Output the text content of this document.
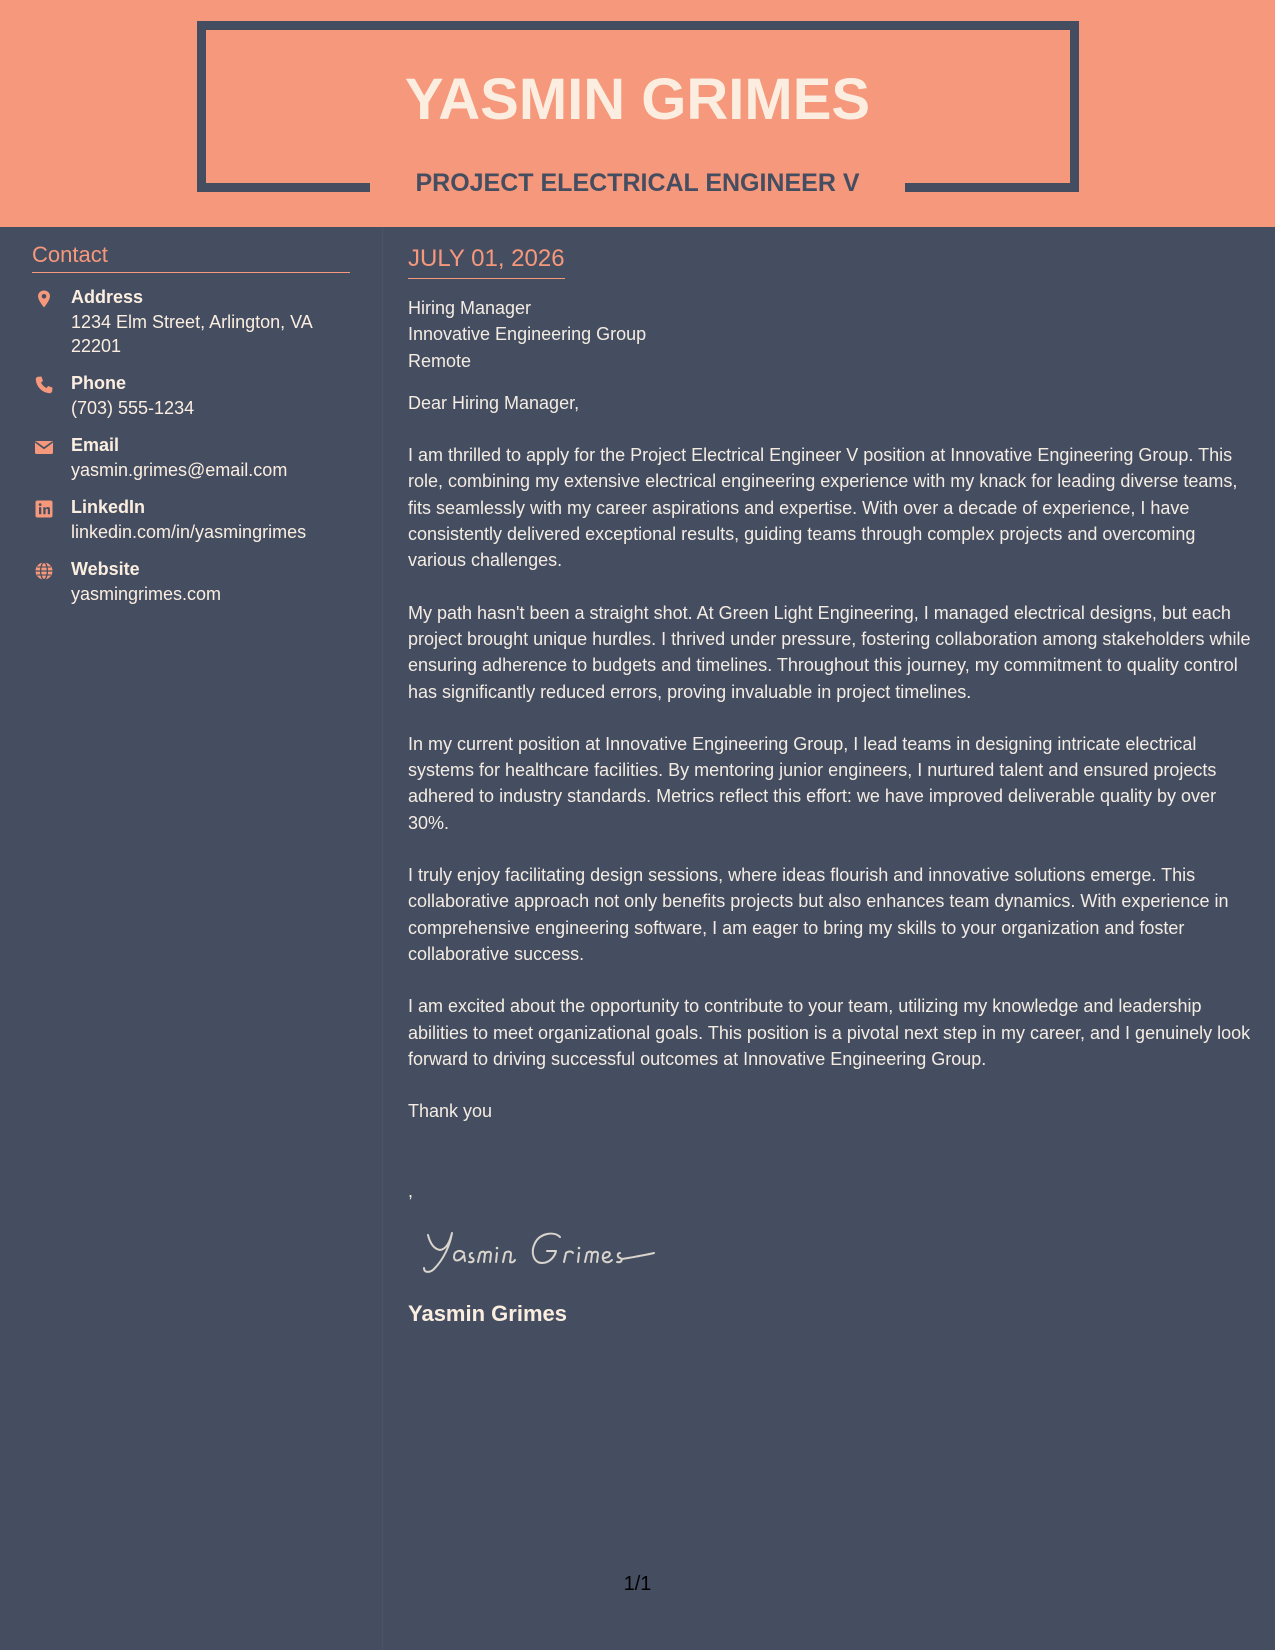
YASMIN GRIMES
PROJECT ELECTRICAL ENGINEER V
Contact
Address
1234 Elm Street, Arlington, VA 22201
Phone
(703) 555-1234
Email
yasmin.grimes@email.com
LinkedIn
linkedin.com/in/yasmingrimes
Website
yasmingrimes.com
JULY 01, 2026
Hiring Manager
Innovative Engineering Group
Remote
Dear Hiring Manager,
I am thrilled to apply for the Project Electrical Engineer V position at Innovative Engineering Group. This role, combining my extensive electrical engineering experience with my knack for leading diverse teams, fits seamlessly with my career aspirations and expertise. With over a decade of experience, I have consistently delivered exceptional results, guiding teams through complex projects and overcoming various challenges.
My path hasn't been a straight shot. At Green Light Engineering, I managed electrical designs, but each project brought unique hurdles. I thrived under pressure, fostering collaboration among stakeholders while ensuring adherence to budgets and timelines. Throughout this journey, my commitment to quality control has significantly reduced errors, proving invaluable in project timelines.
In my current position at Innovative Engineering Group, I lead teams in designing intricate electrical systems for healthcare facilities. By mentoring junior engineers, I nurtured talent and ensured projects adhered to industry standards. Metrics reflect this effort: we have improved deliverable quality by over 30%.
I truly enjoy facilitating design sessions, where ideas flourish and innovative solutions emerge. This collaborative approach not only benefits projects but also enhances team dynamics. With experience in comprehensive engineering software, I am eager to bring my skills to your organization and foster collaborative success.
I am excited about the opportunity to contribute to your team, utilizing my knowledge and leadership abilities to meet organizational goals. This position is a pivotal next step in my career, and I genuinely look forward to driving successful outcomes at Innovative Engineering Group.
Thank you
,
Yasmin Grimes
1/1
